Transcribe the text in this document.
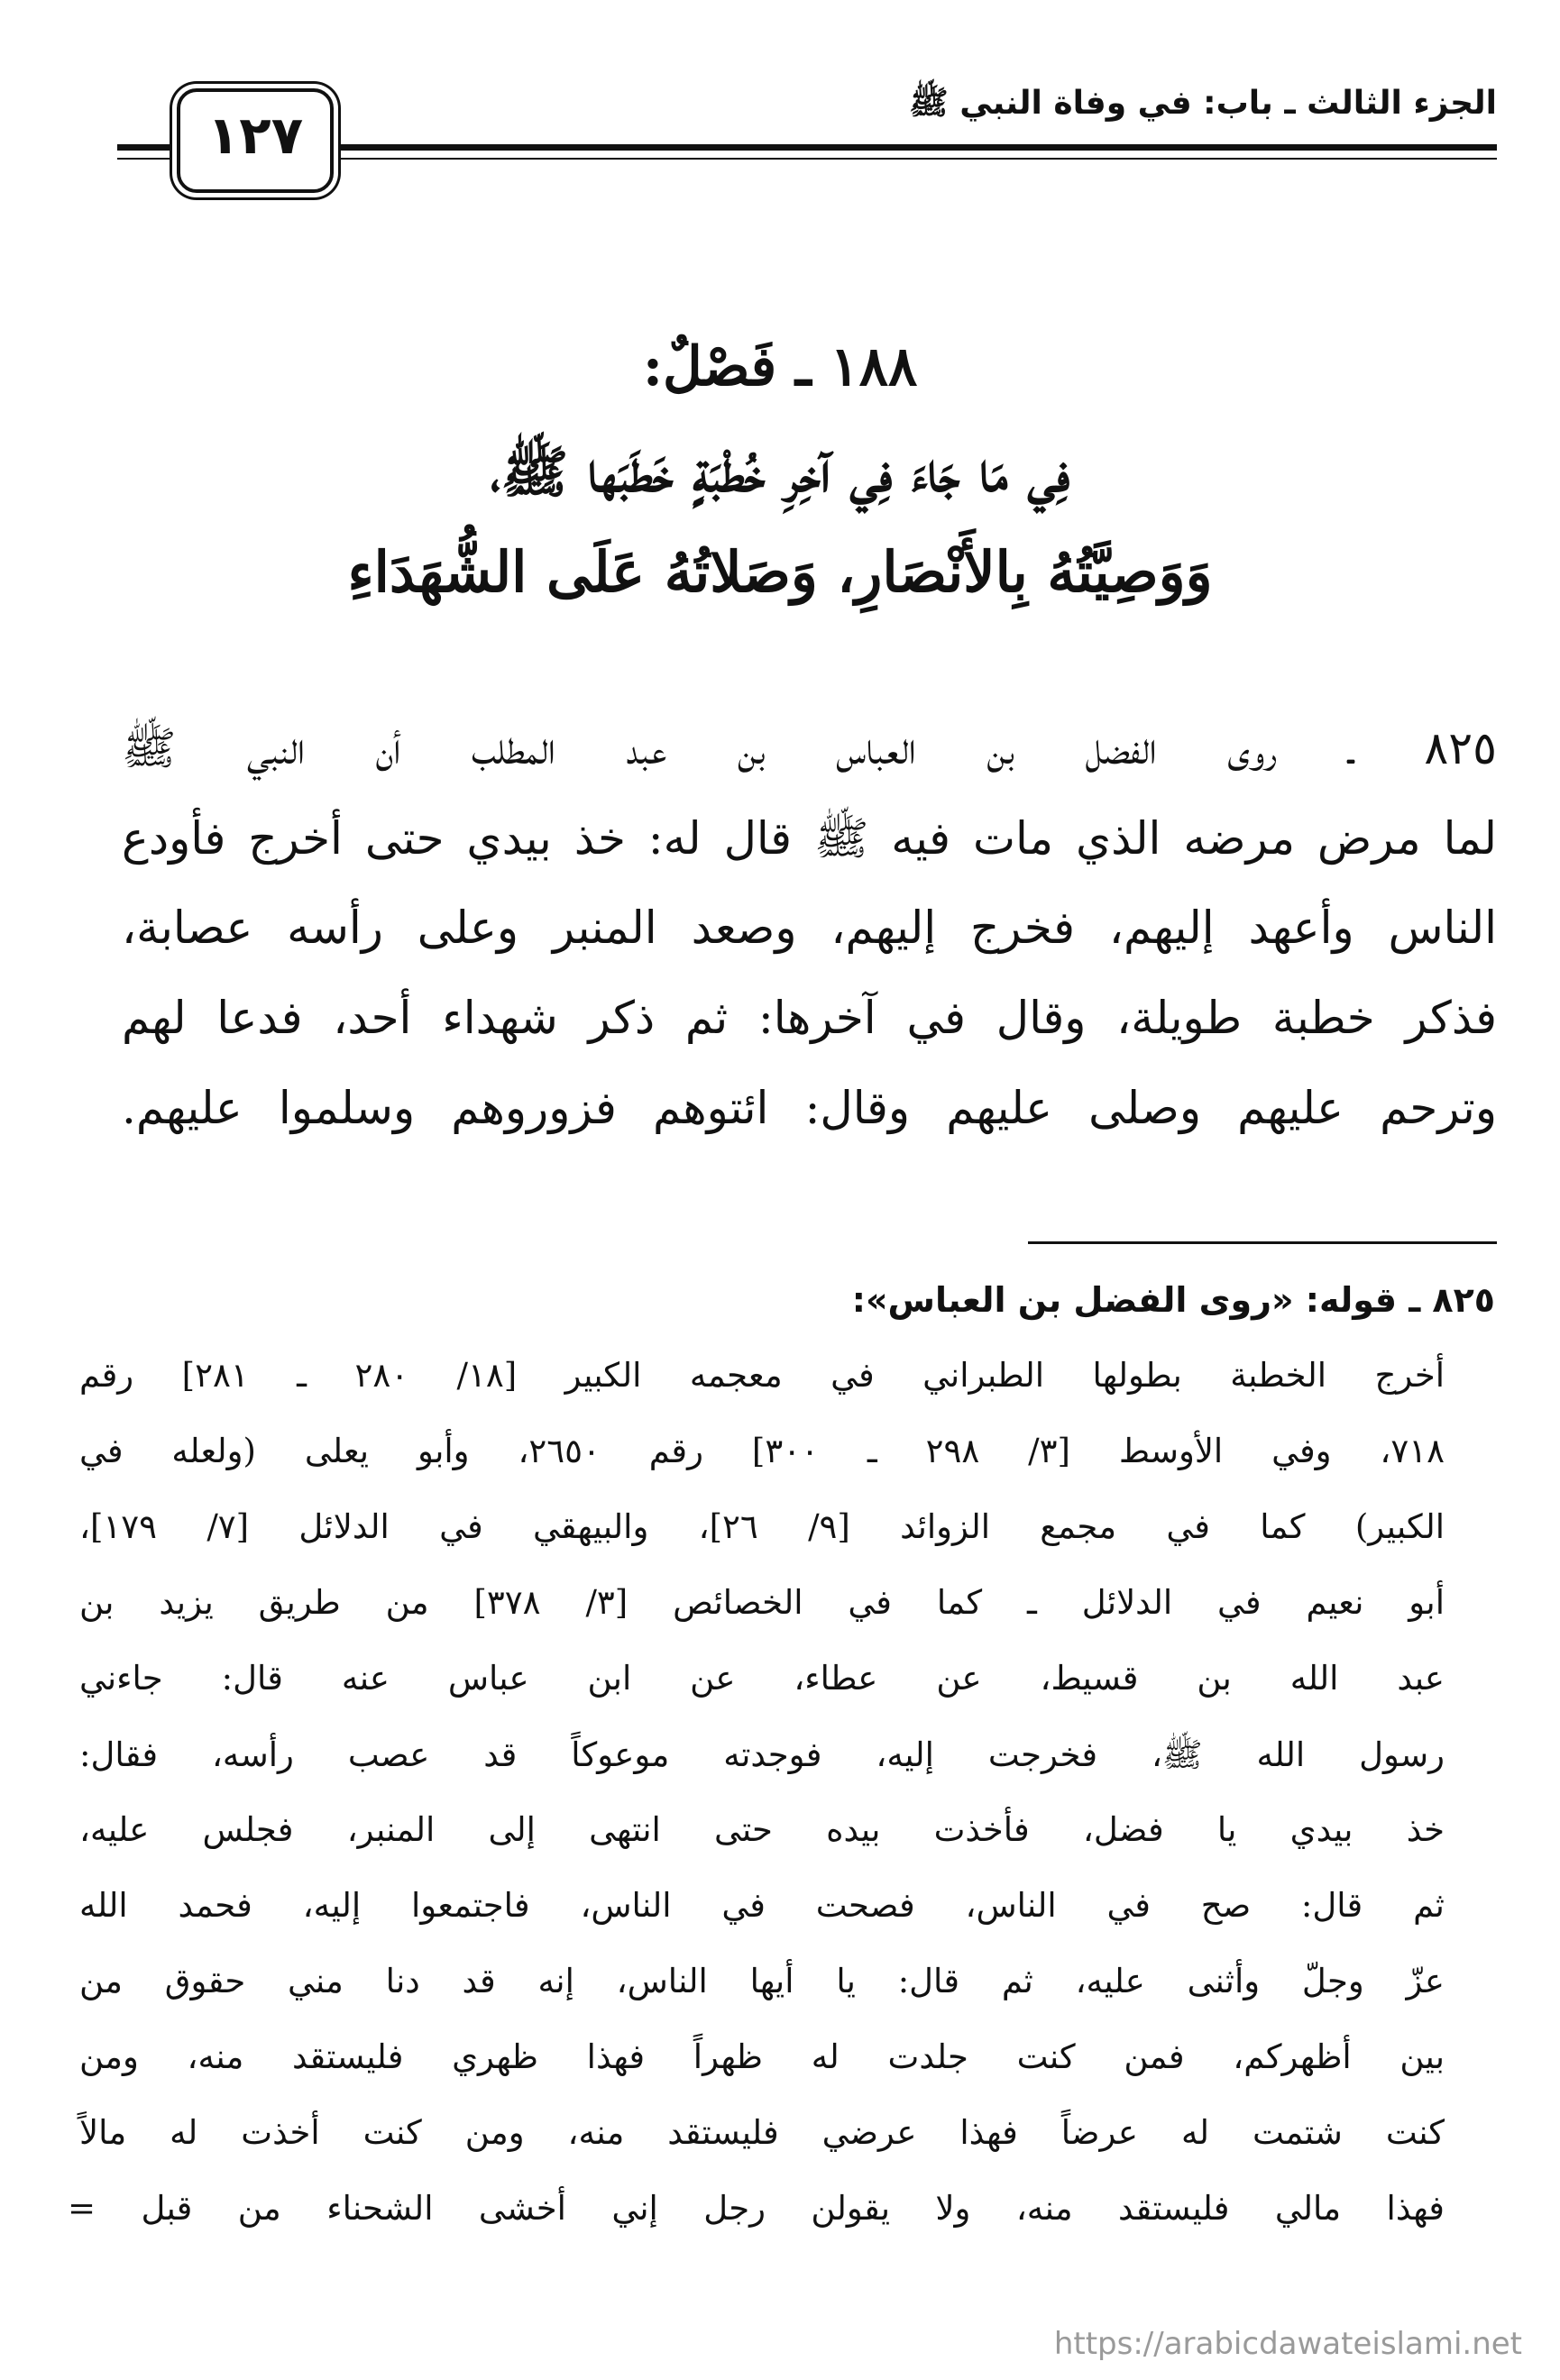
الجزء الثالث ـ باب: في وفاة النبي ﷺ
١٢٧
١٨٨ ـ فَصْلٌ:
فِي مَا جَاءَ فِي آخِرِ خُطْبَةٍ خَطَبَها ﷺ،
وَوَصِيَّتُهُ بِالأَنْصَارِ، وَصَلاتُهُ عَلَى الشُّهَدَاءِ
٨٢٥ ـ روى الفضل بن العباس بن عبد المطلب أن النبي ﷺ
لما مرض مرضه الذي مات فيه ﷺ قال له: خذ بيدي حتى أخرج فأودع
الناس وأعهد إليهم، فخرج إليهم، وصعد المنبر وعلى رأسه عصابة،
فذكر خطبة طويلة، وقال في آخرها: ثم ذكر شهداء أحد، فدعا لهم
وترحم عليهم وصلى عليهم وقال: ائتوهم فزوروهم وسلموا عليهم.
٨٢٥ ـ قوله: «روى الفضل بن العباس»:
أخرج الخطبة بطولها الطبراني في معجمه الكبير [١٨/ ٢٨٠ ـ ٢٨١] رقم
٧١٨، وفي الأوسط [٣/ ٢٩٨ ـ ٣٠٠] رقم ٢٦٥٠، وأبو يعلى (ولعله في
الكبير) كما في مجمع الزوائد [٩/ ٢٦]، والبيهقي في الدلائل [٧/ ١٧٩]،
أبو نعيم في الدلائل ـ كما في الخصائص [٣/ ٣٧٨] من طريق يزيد بن
عبد الله بن قسيط، عن عطاء، عن ابن عباس عنه قال: جاءني
رسول الله ﷺ، فخرجت إليه، فوجدته موعوكاً قد عصب رأسه، فقال:
خذ بيدي يا فضل، فأخذت بيده حتى انتهى إلى المنبر، فجلس عليه،
ثم قال: صح في الناس، فصحت في الناس، فاجتمعوا إليه، فحمد الله
عزّ وجلّ وأثنى عليه، ثم قال: يا أيها الناس، إنه قد دنا مني حقوق من
بين أظهركم، فمن كنت جلدت له ظهراً فهذا ظهري فليستقد منه، ومن
كنت شتمت له عرضاً فهذا عرضي فليستقد منه، ومن كنت أخذت له مالاً
فهذا مالي فليستقد منه، ولا يقولن رجل إني أخشى الشحناء من قبل =
https://arabicdawateislami.net
